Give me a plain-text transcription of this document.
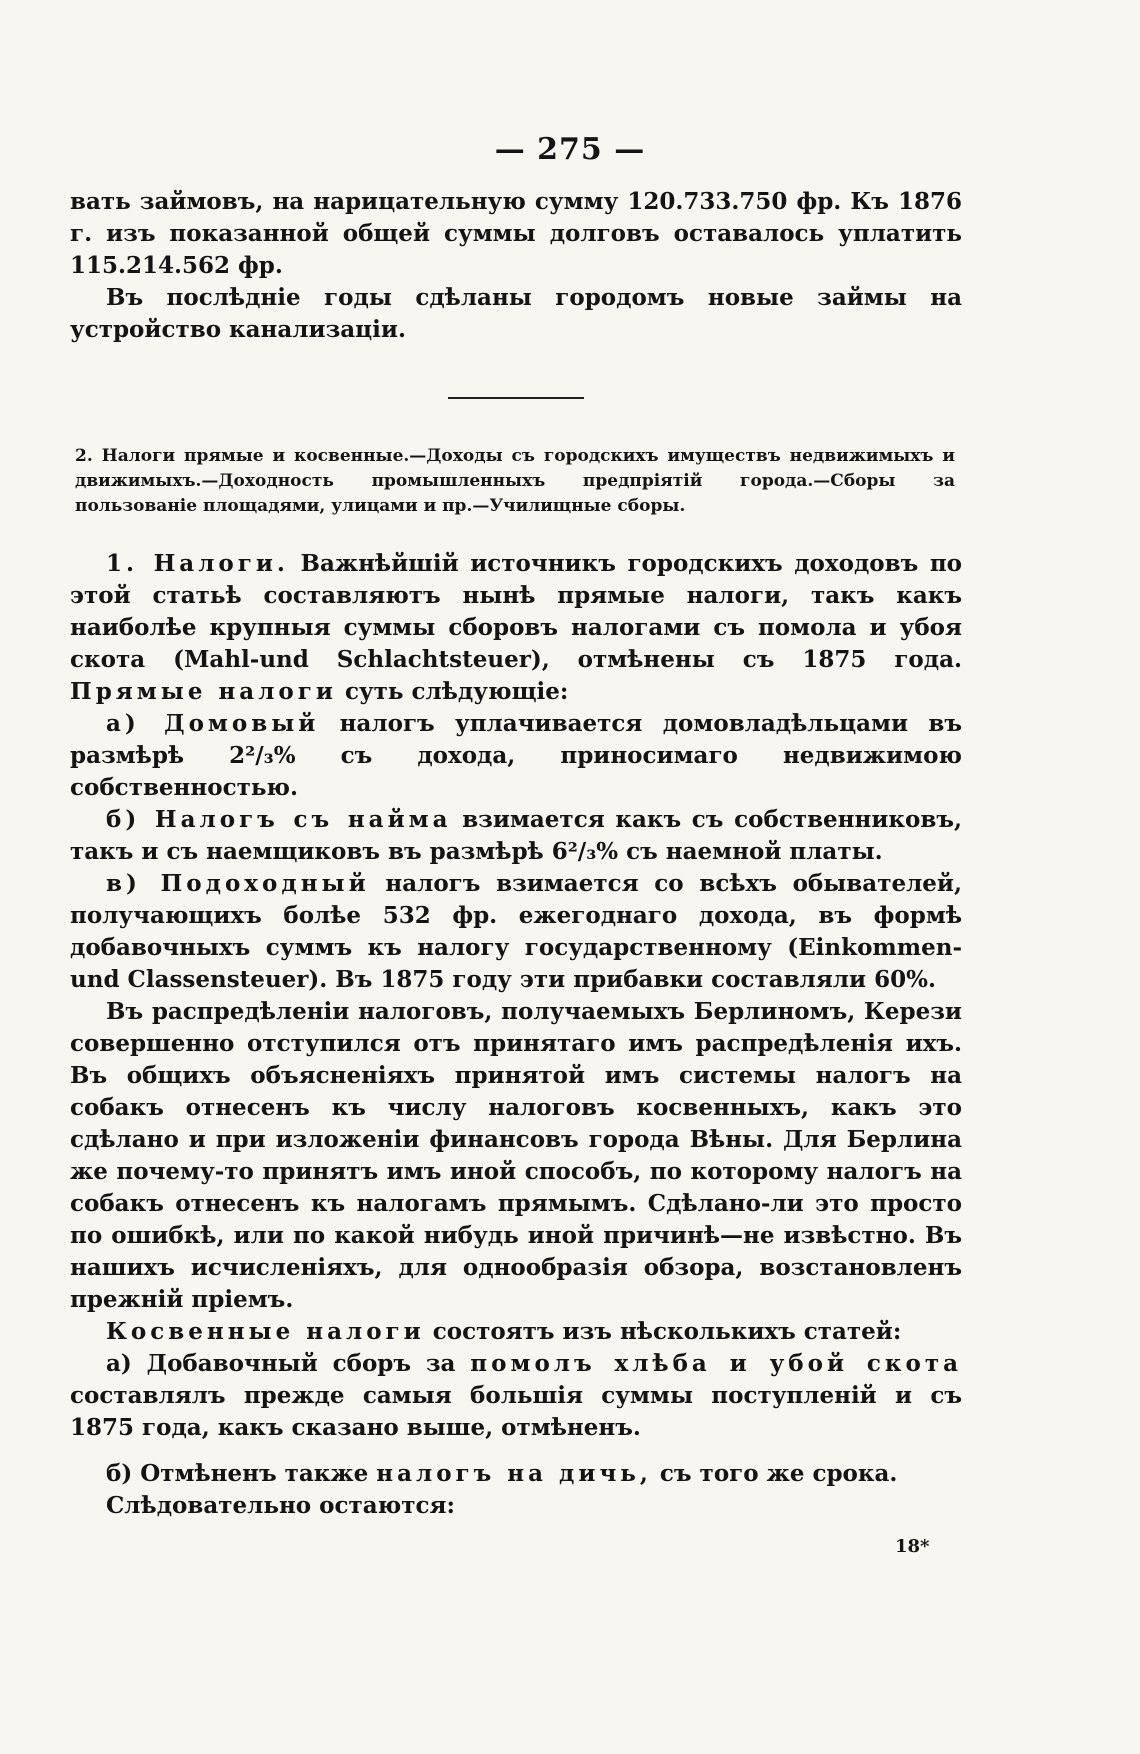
— 275 —

вать займовъ, на нарицательную сумму 120.733.750 фр. Къ 1876 г. изъ показанной общей суммы долговъ оставалось уплатить 115.214.562 фр.

Въ послѣдніе годы сдѣланы городомъ новые займы на устройство канализаціи.

2. Налоги прямые и косвенные.—Доходы съ городскихъ имуществъ недвижимыхъ и движимыхъ.—Доходность промышленныхъ предпріятій города.—Сборы за пользованіе площадями, улицами и пр.—Училищные сборы.

1. Налоги. Важнѣйшій источникъ городскихъ доходовъ по этой статьѣ составляютъ нынѣ прямые налоги, такъ какъ наиболѣе крупныя суммы сборовъ налогами съ помола и убоя скота (Mahl-und Schlachtsteuer), отмѣнены съ 1875 года. Прямые налоги суть слѣдующіе:

а) Домовый налогъ уплачивается домовладѣльцами въ размѣрѣ 2²/₃% съ дохода, приносимаго недвижимою собственностью.

б) Налогъ съ найма взимается какъ съ собственниковъ, такъ и съ наемщиковъ въ размѣрѣ 6²/₃% съ наемной платы.

в) Подоходный налогъ взимается со всѣхъ обывателей, получающихъ болѣе 532 фр. ежегоднаго дохода, въ формѣ добавочныхъ суммъ къ налогу государственному (Einkommen-und Classensteuer). Въ 1875 году эти прибавки составляли 60%.

Въ распредѣленіи налоговъ, получаемыхъ Берлиномъ, Керези совершенно отступился отъ принятаго имъ распредѣленія ихъ. Въ общихъ объясненіяхъ принятой имъ системы налогъ на собакъ отнесенъ къ числу налоговъ косвенныхъ, какъ это сдѣлано и при изложеніи финансовъ города Вѣны. Для Берлина же почему-то принятъ имъ иной способъ, по которому налогъ на собакъ отнесенъ къ налогамъ прямымъ. Сдѣлано-ли это просто по ошибкѣ, или по какой нибудь иной причинѣ—не извѣстно. Въ нашихъ исчисленіяхъ, для однообразія обзора, возстановленъ прежній пріемъ.

Косвенные налоги состоятъ изъ нѣсколькихъ статей:

а) Добавочный сборъ за помолъ хлѣба и убой скота составлялъ прежде самыя большія суммы поступленій и съ 1875 года, какъ сказано выше, отмѣненъ.

б) Отмѣненъ также налогъ на дичь, съ того же срока.

Слѣдовательно остаются:

18*
